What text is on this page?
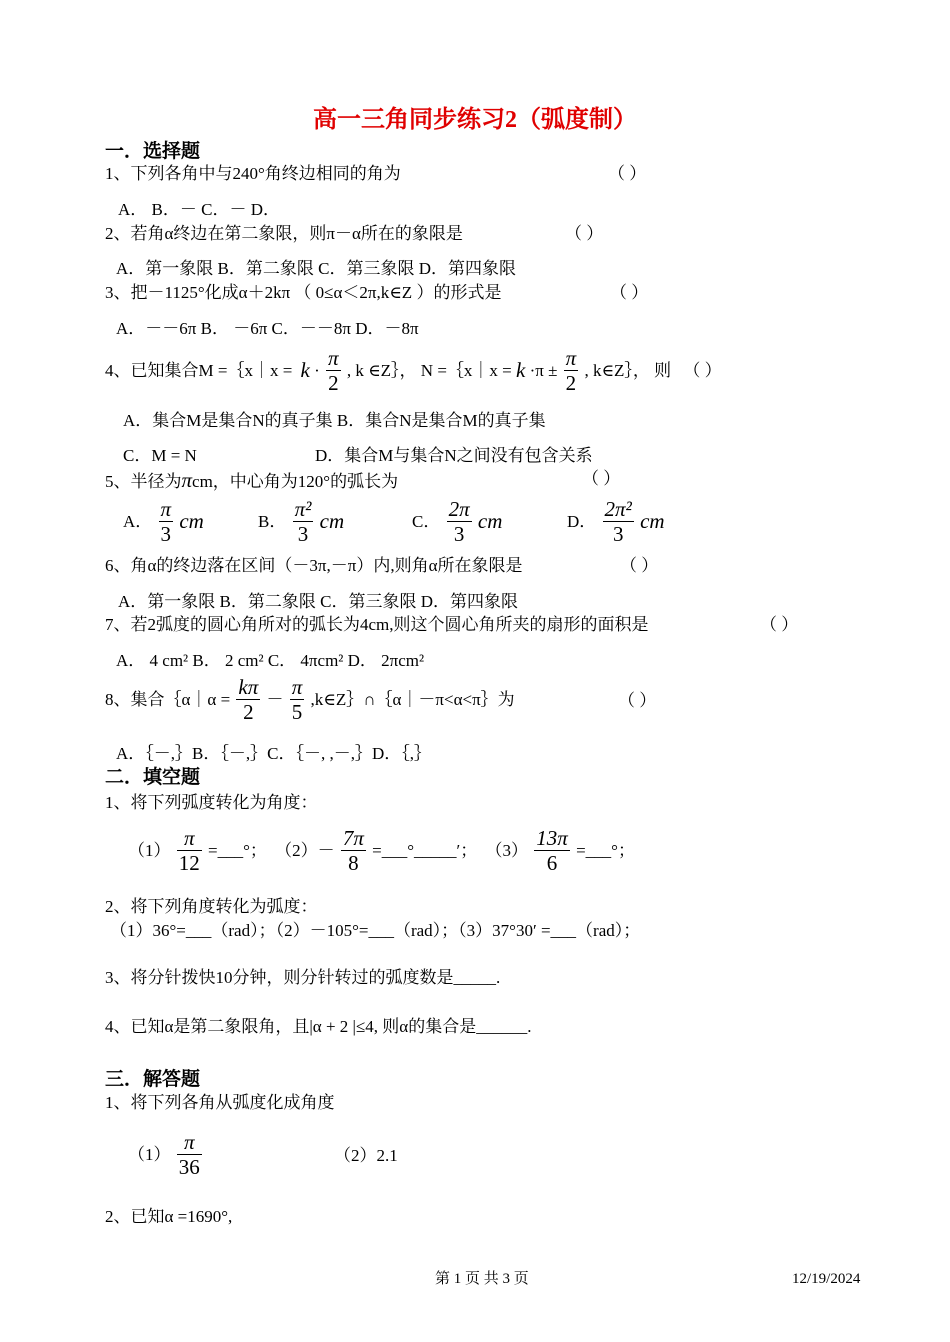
高一三角同步练习2（弧度制）
一．选择题
1、下列各角中与240°角终边相同的角为	（ ）
A． B．－ C．－ D．
2、若角α终边在第二象限，则π－α所在的象限是	（ ）
A．第一象限 B．第二象限 C．第三象限 D．第四象限
3、把－1125°化成α＋2kπ （ 0≤α＜2π,k∈Z ）的形式是	（ ）
A．－－6π B． －6π C．－－8π D．－8π
4、已知集合M =｛x｜x = $k \cdot \frac{\pi}{2}$ , k ∈Z｝， N =｛x｜x = $k \cdot\pi \pm \frac{\pi}{2}$ , k∈Z｝， 则 （ ）
A．集合M是集合N的真子集 B．集合N是集合M的真子集
C．M = N	D．集合M与集合N之间没有包含关系
5、半径为πcm，中心角为120°的弧长为	（ ）
A． $\frac{\pi}{3}$ cm	B． $\frac{\text{π²}}{3}$ cm	C． $\frac{2\pi}{3}$ cm	D． $\frac{\text{2π²}}{3}$ cm
6、角α的终边落在区间（－3π,－π）内,则角α所在象限是	（ ）
A．第一象限 B．第二象限 C．第三象限 D．第四象限
7、若2弧度的圆心角所对的弧长为4cm,则这个圆心角所夹的扇形的面积是	（ ）
A． 4 cm² B． 2 cm² C． 4πcm² D． 2πcm²
8、集合｛α｜α = $\frac{k\pi}{2} - \frac{\pi}{5}$ ,k∈Z｝∩｛α｜－π<α<π｝为	（ ）
A．｛－,｝B．｛－,｝C．｛－, ,－,｝D．｛,｝
二．填空题
1、将下列弧度转化为角度：
$(1) \frac{\pi}{12}$ =___°； $(2)- \frac{7\pi}{8}$ =___°_____′； $(3) \frac{13\pi}{6}$ =___°；
2、将下列角度转化为弧度：
（1）36°=___（rad）；（2）－105°=___（rad）；（3）37°30′ =___（rad）；
3、将分针拨快10分钟，则分针转过的弧度数是_____.
4、已知α是第二象限角，且|α + 2 |≤4, 则α的集合是______.
三．解答题
1、将下列各角从弧度化成角度
$(1) \frac{\pi}{36}$	（2）2.1
2、已知α =1690°,
第 1 页 共 3 页	12/19/2024
